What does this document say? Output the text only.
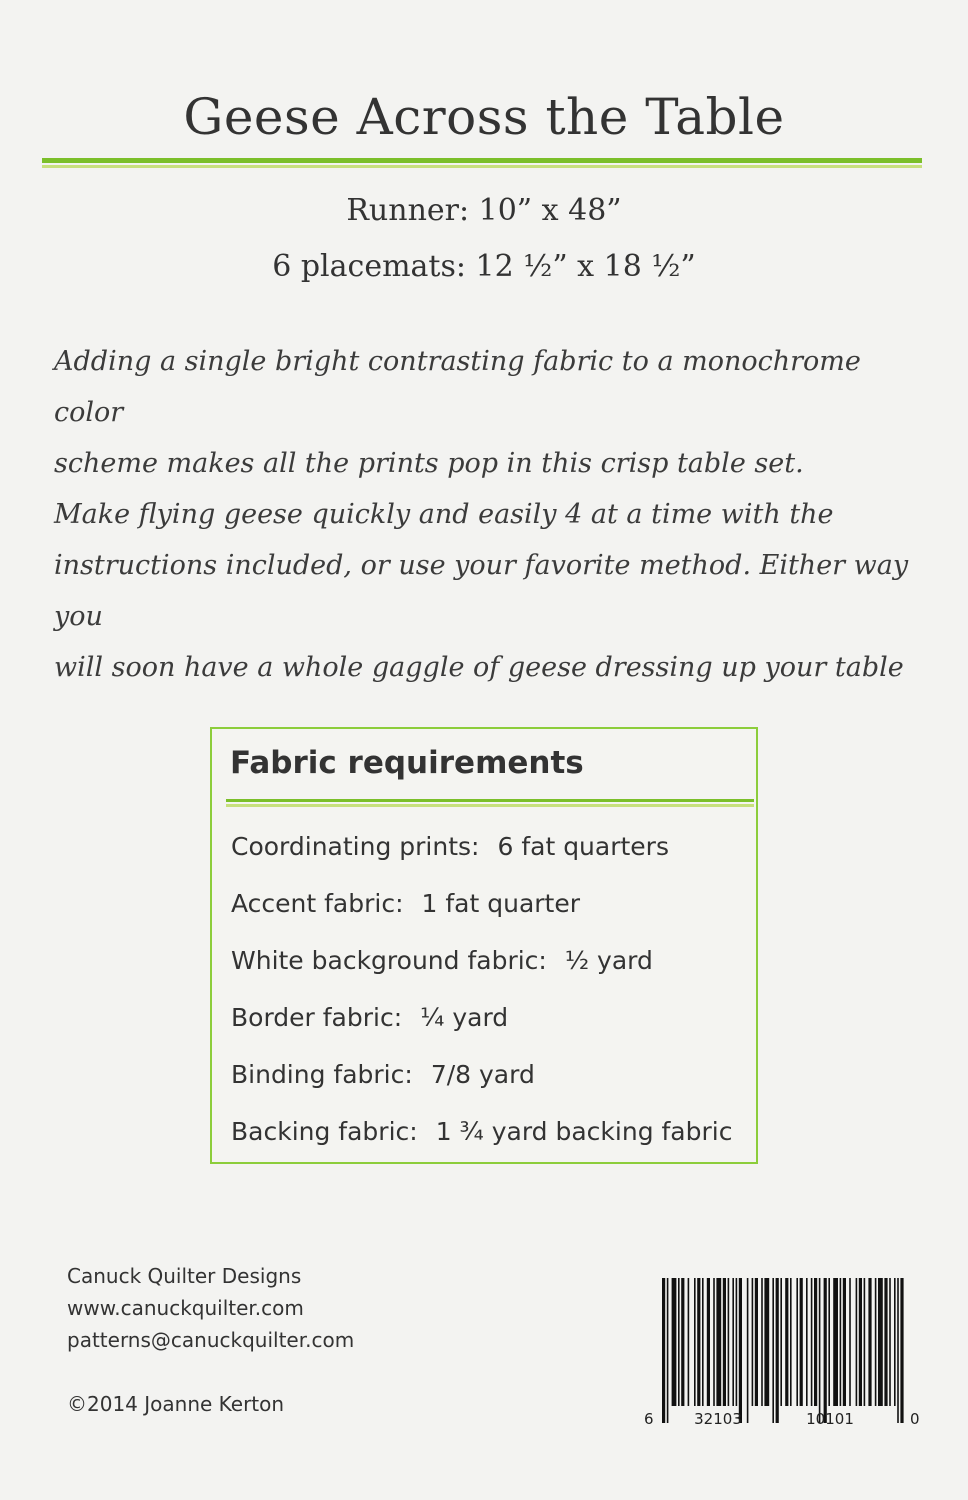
Geese Across the Table
Runner: 10” x 48”
6 placemats: 12 ½” x 18 ½”
Adding a single bright contrasting fabric to a monochrome color
scheme makes all the prints pop in this crisp table set.
Make flying geese quickly and easily 4 at a time with the
instructions included, or use your favorite method. Either way you
will soon have a whole gaggle of geese dressing up your table
Fabric requirements
Coordinating prints: 6 fat quarters
Accent fabric: 1 fat quarter
White background fabric: ½ yard
Border fabric: ¼ yard
Binding fabric: 7/8 yard
Backing fabric: 1 ¾ yard backing fabric
Canuck Quilter Designs
www.canuckquilter.com
patterns@canuckquilter.com
©2014 Joanne Kerton
6	32103	10101	0
